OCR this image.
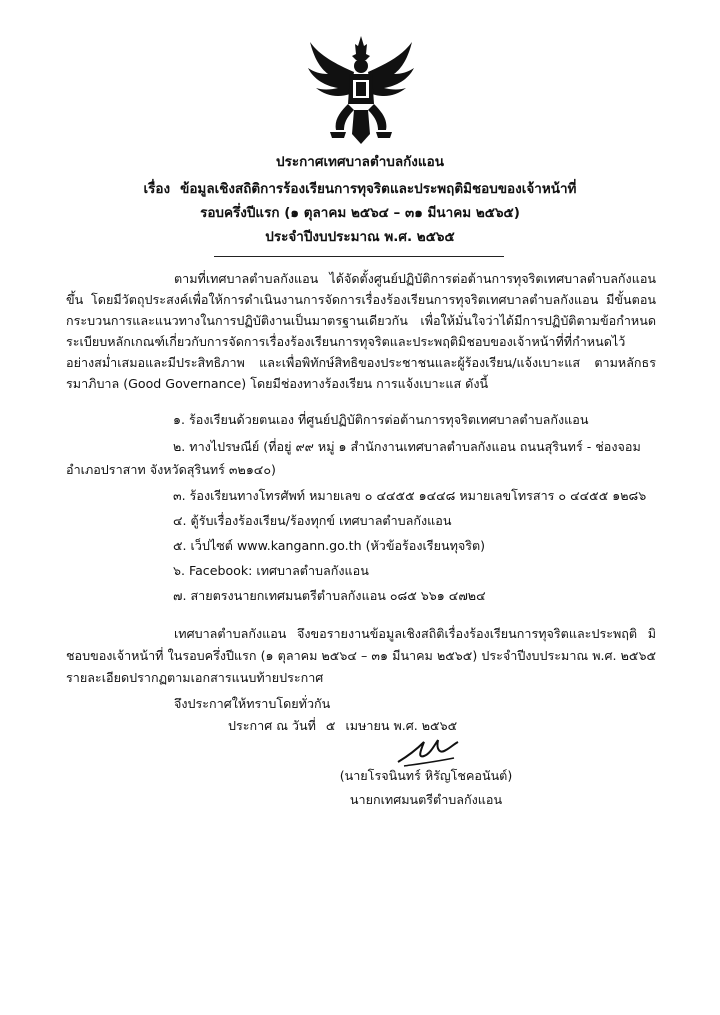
ประกาศเทศบาลตำบลกังแอน
เรื่อง ข้อมูลเชิงสถิติการร้องเรียนการทุจริตและประพฤติมิชอบของเจ้าหน้าที่
รอบครึ่งปีแรก (๑ ตุลาคม ๒๕๖๔ – ๓๑ มีนาคม ๒๕๖๕)
ประจำปีงบประมาณ พ.ศ. ๒๕๖๕
ตามที่เทศบาลตำบลกังแอน ได้จัดตั้งศูนย์ปฏิบัติการต่อต้านการทุจริตเทศบาลตำบลกังแอน ขึ้น โดยมีวัตถุประสงค์เพื่อให้การดำเนินงานการจัดการเรื่องร้องเรียนการทุจริตเทศบาลตำบลกังแอน มีขั้นตอน กระบวนการและแนวทางในการปฏิบัติงานเป็นมาตรฐานเดียวกัน เพื่อให้มั่นใจว่าได้มีการปฏิบัติตามข้อกำหนด ระเบียบหลักเกณฑ์เกี่ยวกับการจัดการเรื่องร้องเรียนการทุจริตและประพฤติมิชอบของเจ้าหน้าที่ที่กำหนดไว้ อย่างสม่ำเสมอและมีประสิทธิภาพ และเพื่อพิทักษ์สิทธิของประชาชนและผู้ร้องเรียน/แจ้งเบาะแส ตามหลักธรรมาภิบาล (Good Governance) โดยมีช่องทางร้องเรียน การแจ้งเบาะแส ดังนี้
๑. ร้องเรียนด้วยตนเอง ที่ศูนย์ปฏิบัติการต่อต้านการทุจริตเทศบาลตำบลกังแอน
๒. ทางไปรษณีย์ (ที่อยู่ ๙๙ หมู่ ๑ สำนักงานเทศบาลตำบลกังแอน ถนนสุรินทร์ - ช่องจอม
อำเภอปราสาท จังหวัดสุรินทร์ ๓๒๑๔๐)
๓. ร้องเรียนทางโทรศัพท์ หมายเลข ๐ ๔๔๕๕ ๑๔๔๘ หมายเลขโทรสาร ๐ ๔๔๕๕ ๑๒๘๖
๔. ตู้รับเรื่องร้องเรียน/ร้องทุกข์ เทศบาลตำบลกังแอน
๕. เว็ปไซต์ www.kangann.go.th (หัวข้อร้องเรียนทุจริต)
๖. Facebook: เทศบาลตำบลกังแอน
๗. สายตรงนายกเทศมนตรีตำบลกังแอน ๐๘๕ ๖๖๑ ๔๗๒๔
เทศบาลตำบลกังแอน จึงขอรายงานข้อมูลเชิงสถิติเรื่องร้องเรียนการทุจริตและประพฤติ มิชอบของเจ้าหน้าที่ ในรอบครึ่งปีแรก (๑ ตุลาคม ๒๕๖๔ – ๓๑ มีนาคม ๒๕๖๕) ประจำปีงบประมาณ พ.ศ. ๒๕๖๕ รายละเอียดปรากฏตามเอกสารแนบท้ายประกาศ
จึงประกาศให้ทราบโดยทั่วกัน
ประกาศ ณ วันที่ ๕ เมษายน พ.ศ. ๒๕๖๕
(นายโรจนินทร์ หิรัญโชคอนันต์)
นายกเทศมนตรีตำบลกังแอน
